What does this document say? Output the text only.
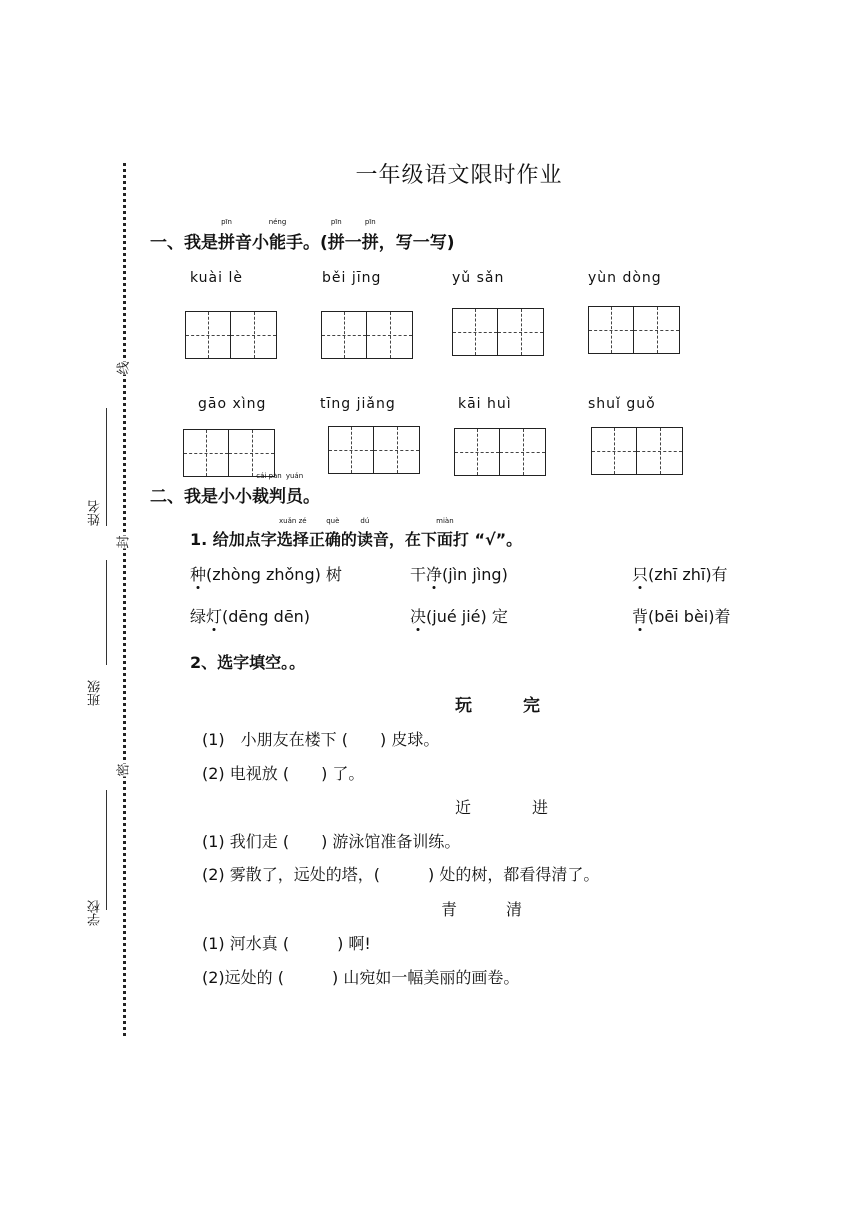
线
封
密
姓名
班级
学校
一年级语文限时作业
一、我是
pīn
拼音小
néng
能手。(
pīn
拼一
pīn
拼，写一写)
kuài lè	běi jīng	yǔ sǎn	yùn dòng
gāo xìng	tīng jiǎng	kāi huì	shuǐ guǒ
二、我是小小
cái pàn
裁判
yuán
员。
1. 给加点字
xuǎn zé
选择正
què
确的
dú
读音，在下
miàn
面打 “√”。
种(zhòng zhǒng) 树	干净(jìn jìng)	只(zhī zhī)有
绿灯(dēng dēn)	决(jué jié) 定	背(bēi bèi)着
2、选字填空。。
玩	完
(1)　小朋友在楼下 (　　) 皮球。
(2) 电视放 (　　) 了。
近	进
(1) 我们走 (　　) 游泳馆准备训练。
(2) 雾散了，远处的塔，(　　　) 处的树，都看得清了。
青	清
(1) 河水真 (　　　) 啊!
(2)远处的 (　　　) 山宛如一幅美丽的画卷。
